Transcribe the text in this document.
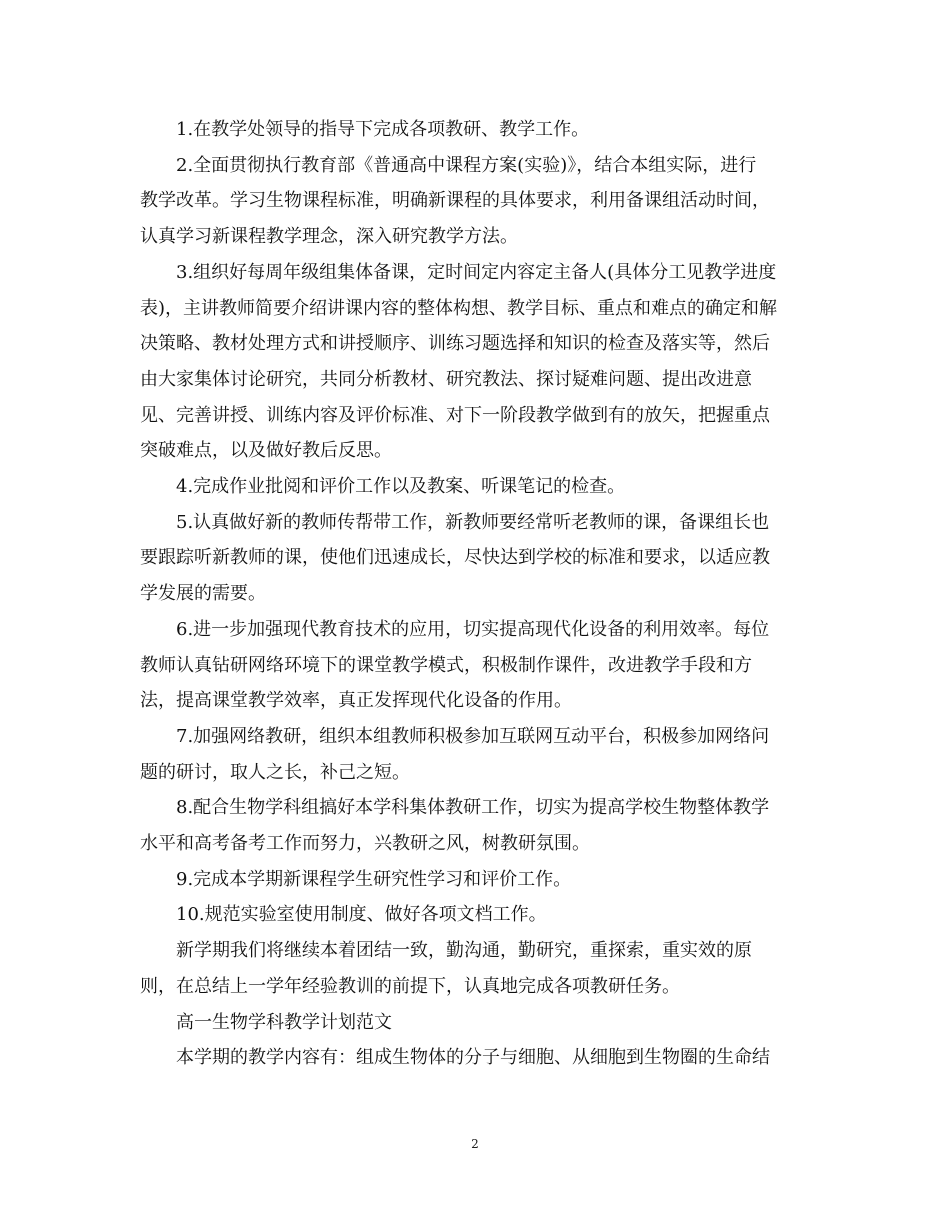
1.在教学处领导的指导下完成各项教研、教学工作。
2.全面贯彻执行教育部《普通高中课程方案(实验)》，结合本组实际，进行
教学改革。学习生物课程标准，明确新课程的具体要求，利用备课组活动时间，
认真学习新课程教学理念，深入研究教学方法。
3.组织好每周年级组集体备课，定时间定内容定主备人(具体分工见教学进度
表)，主讲教师简要介绍讲课内容的整体构想、教学目标、重点和难点的确定和解
决策略、教材处理方式和讲授顺序、训练习题选择和知识的检查及落实等，然后
由大家集体讨论研究，共同分析教材、研究教法、探讨疑难问题、提出改进意
见、完善讲授、训练内容及评价标准、对下一阶段教学做到有的放矢，把握重点
突破难点，以及做好教后反思。
4.完成作业批阅和评价工作以及教案、听课笔记的检查。
5.认真做好新的教师传帮带工作，新教师要经常听老教师的课，备课组长也
要跟踪听新教师的课，使他们迅速成长，尽快达到学校的标准和要求，以适应教
学发展的需要。
6.进一步加强现代教育技术的应用，切实提高现代化设备的利用效率。每位
教师认真钻研网络环境下的课堂教学模式，积极制作课件，改进教学手段和方
法，提高课堂教学效率，真正发挥现代化设备的作用。
7.加强网络教研，组织本组教师积极参加互联网互动平台，积极参加网络问
题的研讨，取人之长，补己之短。
8.配合生物学科组搞好本学科集体教研工作，切实为提高学校生物整体教学
水平和高考备考工作而努力，兴教研之风，树教研氛围。
9.完成本学期新课程学生研究性学习和评价工作。
10.规范实验室使用制度、做好各项文档工作。
新学期我们将继续本着团结一致，勤沟通，勤研究，重探索，重实效的原
则，在总结上一学年经验教训的前提下，认真地完成各项教研任务。
高一生物学科教学计划范文
本学期的教学内容有：组成生物体的分子与细胞、从细胞到生物圈的生命结
2
